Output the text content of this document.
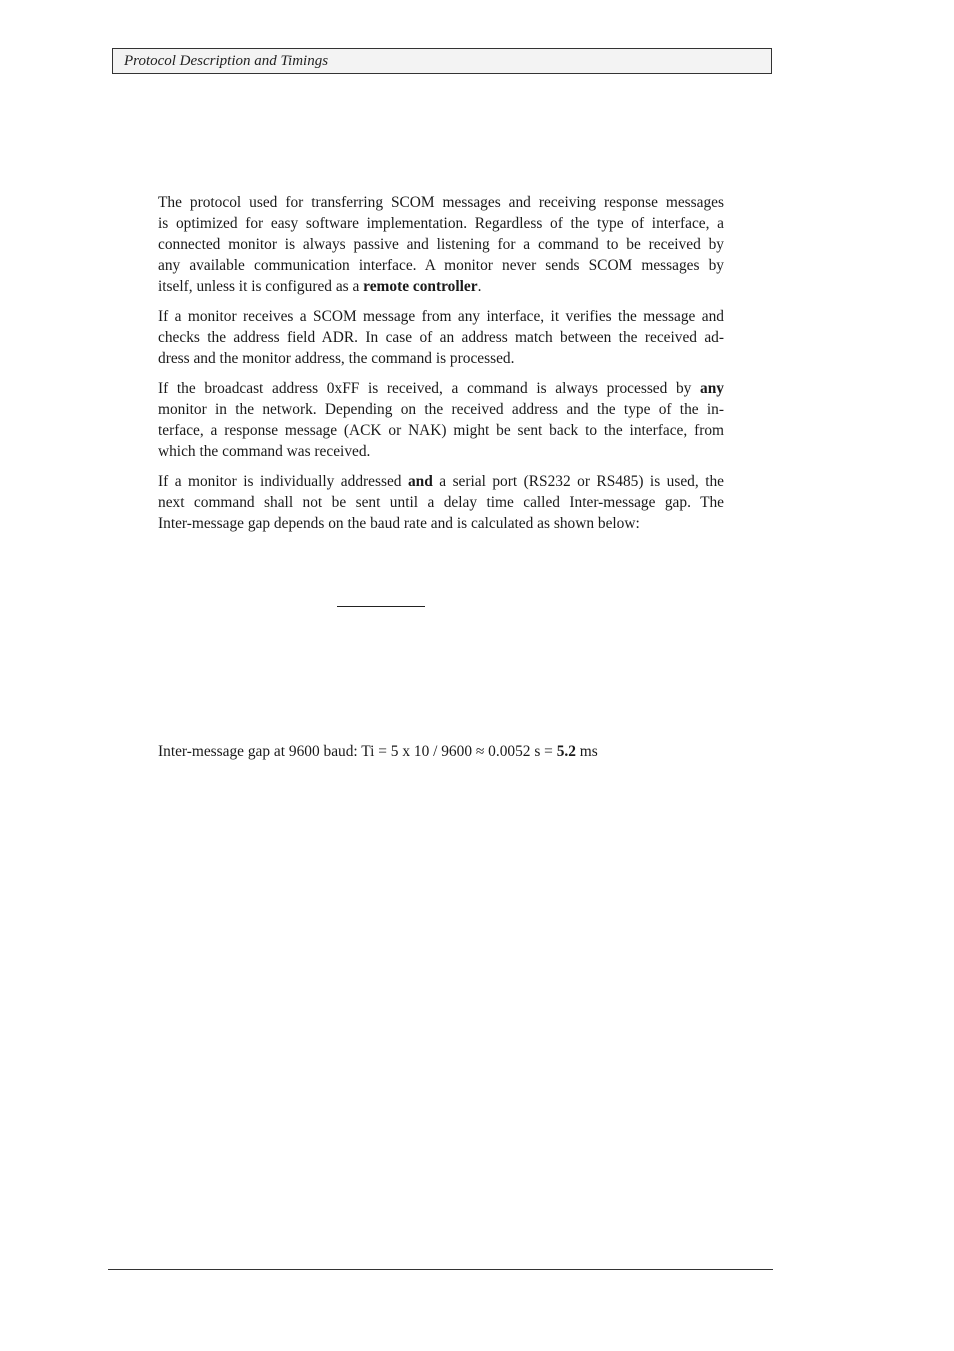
Protocol Description and Timings
The protocol used for transferring SCOM messages and receiving response messages
is optimized for easy software implementation. Regardless of the type of interface, a
connected monitor is always passive and listening for a command to be received by
any available communication interface. A monitor never sends SCOM messages by
itself, unless it is configured as a remote controller.
If a monitor receives a SCOM message from any interface, it verifies the message and
checks the address field ADR. In case of an address match between the received ad-
dress and the monitor address, the command is processed.
If the broadcast address 0xFF is received, a command is always processed by any
monitor in the network. Depending on the received address and the type of the in-
terface, a response message (ACK or NAK) might be sent back to the interface, from
which the command was received.
If a monitor is individually addressed and a serial port (RS232 or RS485) is used, the
next command shall not be sent until a delay time called Inter-message gap. The
Inter-message gap depends on the baud rate and is calculated as shown below:
Inter-message gap at 9600 baud: Ti = 5 x 10 / 9600 ≈ 0.0052 s = 5.2 ms
